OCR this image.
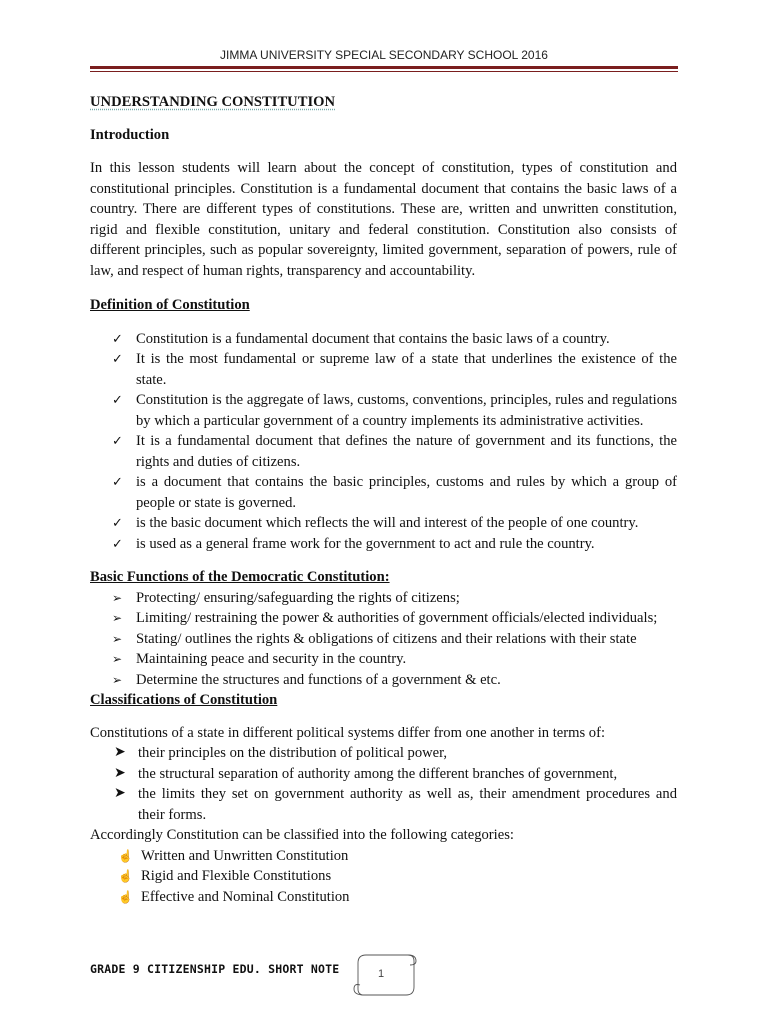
JIMMA UNIVERSITY SPECIAL SECONDARY SCHOOL 2016

UNDERSTANDING CONSTITUTION

Introduction

In this lesson students will learn about the concept of constitution, types of constitution and constitutional principles. Constitution is a fundamental document that contains the basic laws of a country. There are different types of constitutions. These are, written and unwritten constitution, rigid and flexible constitution, unitary and federal constitution. Constitution also consists of different principles, such as popular sovereignty, limited government, separation of powers, rule of law, and respect of human rights, transparency and accountability.

Definition of Constitution

✓ Constitution is a fundamental document that contains the basic laws of a country.
✓ It is the most fundamental or supreme law of a state that underlines the existence of the state.
✓ Constitution is the aggregate of laws, customs, conventions, principles, rules and regulations by which a particular government of a country implements its administrative activities.
✓ It is a fundamental document that defines the nature of government and its functions, the rights and duties of citizens.
✓ is a document that contains the basic principles, customs and rules by which a group of people or state is governed.
✓ is the basic document which reflects the will and interest of the people of one country.
✓ is used as a general frame work for the government to act and rule the country.

Basic Functions of the Democratic Constitution:

➢ Protecting/ ensuring/safeguarding the rights of citizens;
➢ Limiting/ restraining the power & authorities of government officials/elected individuals;
➢ Stating/ outlines the rights & obligations of citizens and their relations with their state
➢ Maintaining peace and security in the country.
➢ Determine the structures and functions of a government & etc.

Classifications of Constitution

Constitutions of a state in different political systems differ from one another in terms of:

➤ their principles on the distribution of political power,
➤ the structural separation of authority among the different branches of government,
➤ the limits they set on government authority as well as, their amendment procedures and their forms.

Accordingly Constitution can be classified into the following categories:

☝ Written and Unwritten Constitution
☝ Rigid and Flexible Constitutions
☝ Effective and Nominal Constitution
GRADE 9 CITIZENSHIP EDU. SHORT NOTE	1
